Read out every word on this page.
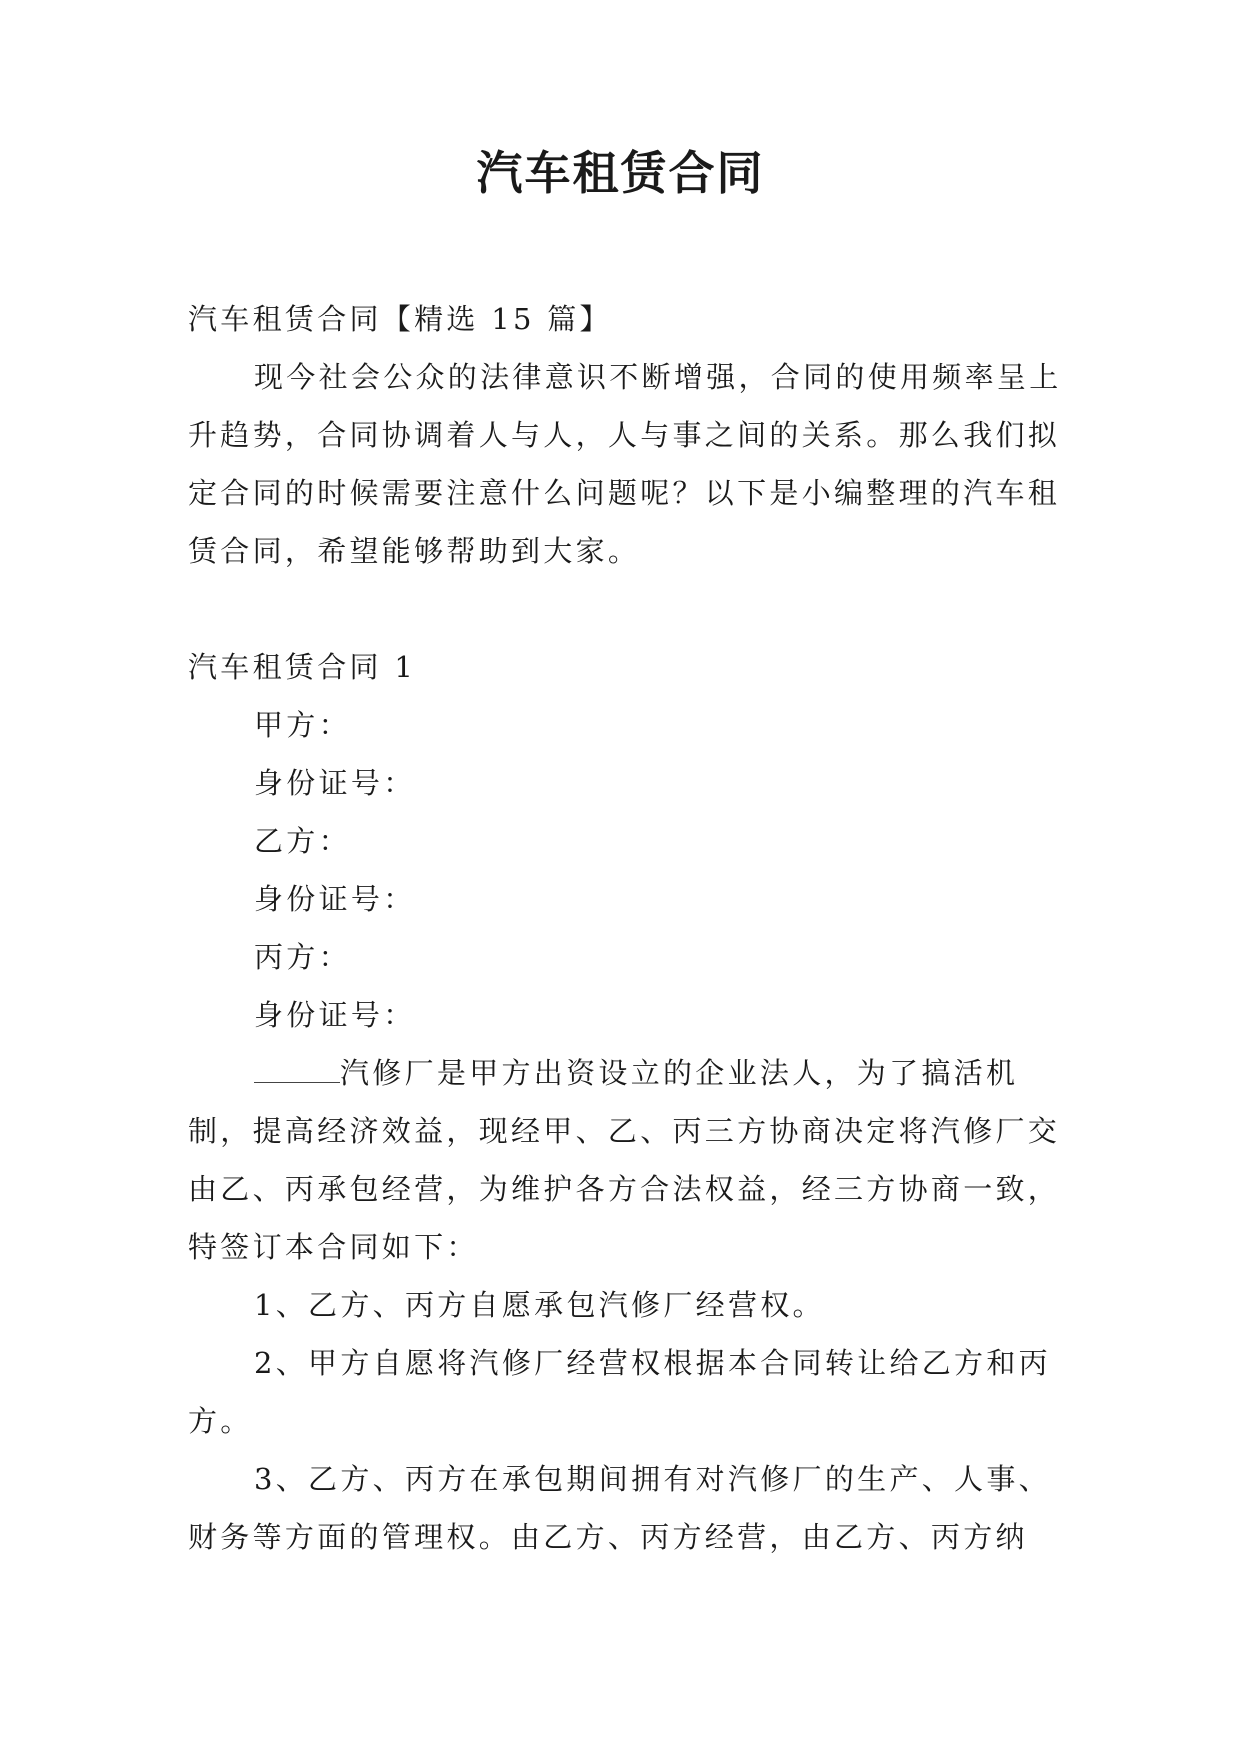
汽车租赁合同

汽车租赁合同【精选 15 篇】

现今社会公众的法律意识不断增强，合同的使用频率呈上升趋势，合同协调着人与人，人与事之间的关系。那么我们拟定合同的时候需要注意什么问题呢？以下是小编整理的汽车租赁合同，希望能够帮助到大家。

汽车租赁合同 1

甲方：

身份证号：

乙方：

身份证号：

丙方：

身份证号：

汽修厂是甲方出资设立的企业法人，为了搞活机制，提高经济效益，现经甲、乙、丙三方协商决定将汽修厂交由乙、丙承包经营，为维护各方合法权益，经三方协商一致，特签订本合同如下：

1、乙方、丙方自愿承包汽修厂经营权。

2、甲方自愿将汽修厂经营权根据本合同转让给乙方和丙方。

3、乙方、丙方在承包期间拥有对汽修厂的生产、人事、财务等方面的管理权。由乙方、丙方经营，由乙方、丙方纳
